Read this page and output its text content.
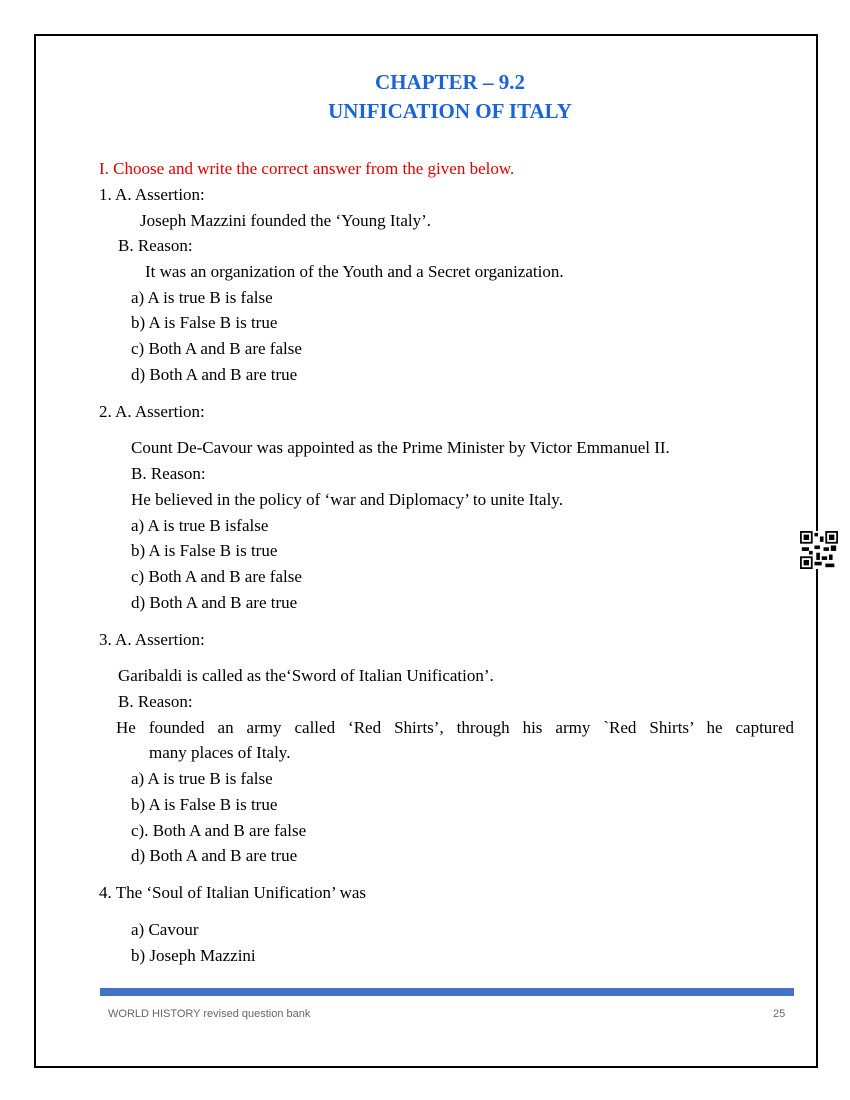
CHAPTER – 9.2
UNIFICATION OF ITALY
I. Choose and write the correct answer from the given below.
1. A. Assertion:
Joseph Mazzini founded the ‘Young Italy’.
B. Reason:
It was an organization of the Youth and a Secret organization.
a) A is true B is false
b) A is False B is true
c) Both A and B are false
d) Both A and B are true
2. A. Assertion:
Count De-Cavour was appointed as the Prime Minister by Victor Emmanuel II.
B. Reason:
He believed in the policy of ‘war and Diplomacy’ to unite Italy.
a) A is true B isfalse
b) A is False B is true
c) Both A and B are false
d) Both A and B are true
3. A. Assertion:
Garibaldi is called as the‘Sword of Italian Unification’.
B. Reason:
He founded an army called ‘Red Shirts’, through his army `Red Shirts’ he captured
many places of Italy.
a) A is true B is false
b) A is False B is true
c). Both A and B are false
d) Both A and B are true
4. The ‘Soul of Italian Unification’ was
a) Cavour
b) Joseph Mazzini
WORLD HISTORY revised question bank	25
